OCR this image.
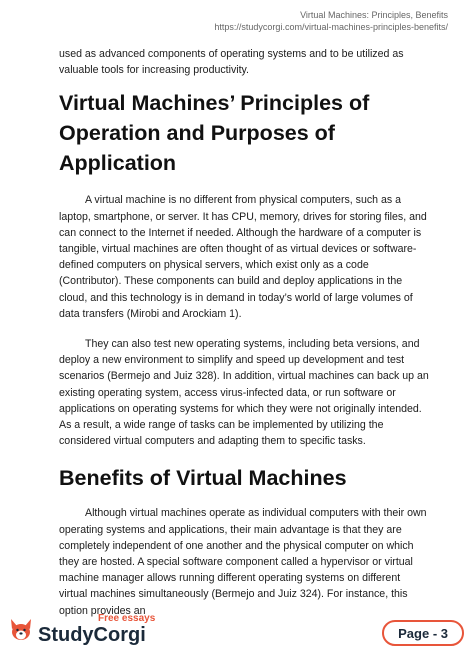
Virtual Machines: Principles, Benefits
https://studycorgi.com/virtual-machines-principles-benefits/

used as advanced components of operating systems and to be utilized as valuable tools for increasing productivity.

Virtual Machines’ Principles of Operation and Purposes of Application

A virtual machine is no different from physical computers, such as a laptop, smartphone, or server. It has CPU, memory, drives for storing files, and can connect to the Internet if needed. Although the hardware of a computer is tangible, virtual machines are often thought of as virtual devices or software-defined computers on physical servers, which exist only as a code (Contributor). These components can build and deploy applications in the cloud, and this technology is in demand in today’s world of large volumes of data transfers (Mirobi and Arockiam 1).

They can also test new operating systems, including beta versions, and deploy a new environment to simplify and speed up development and test scenarios (Bermejo and Juiz 328). In addition, virtual machines can back up an existing operating system, access virus-infected data, or run software or applications on operating systems for which they were not originally intended. As a result, a wide range of tasks can be implemented by utilizing the considered virtual computers and adapting them to specific tasks.

Benefits of Virtual Machines

Although virtual machines operate as individual computers with their own operating systems and applications, their main advantage is that they are completely independent of one another and the physical computer on which they are hosted. A special software component called a hypervisor or virtual machine manager allows running different operating systems on different virtual machines simultaneously (Bermejo and Juiz 324). For instance, this option provides an

Free essays
StudyCorgi	Page - 3
